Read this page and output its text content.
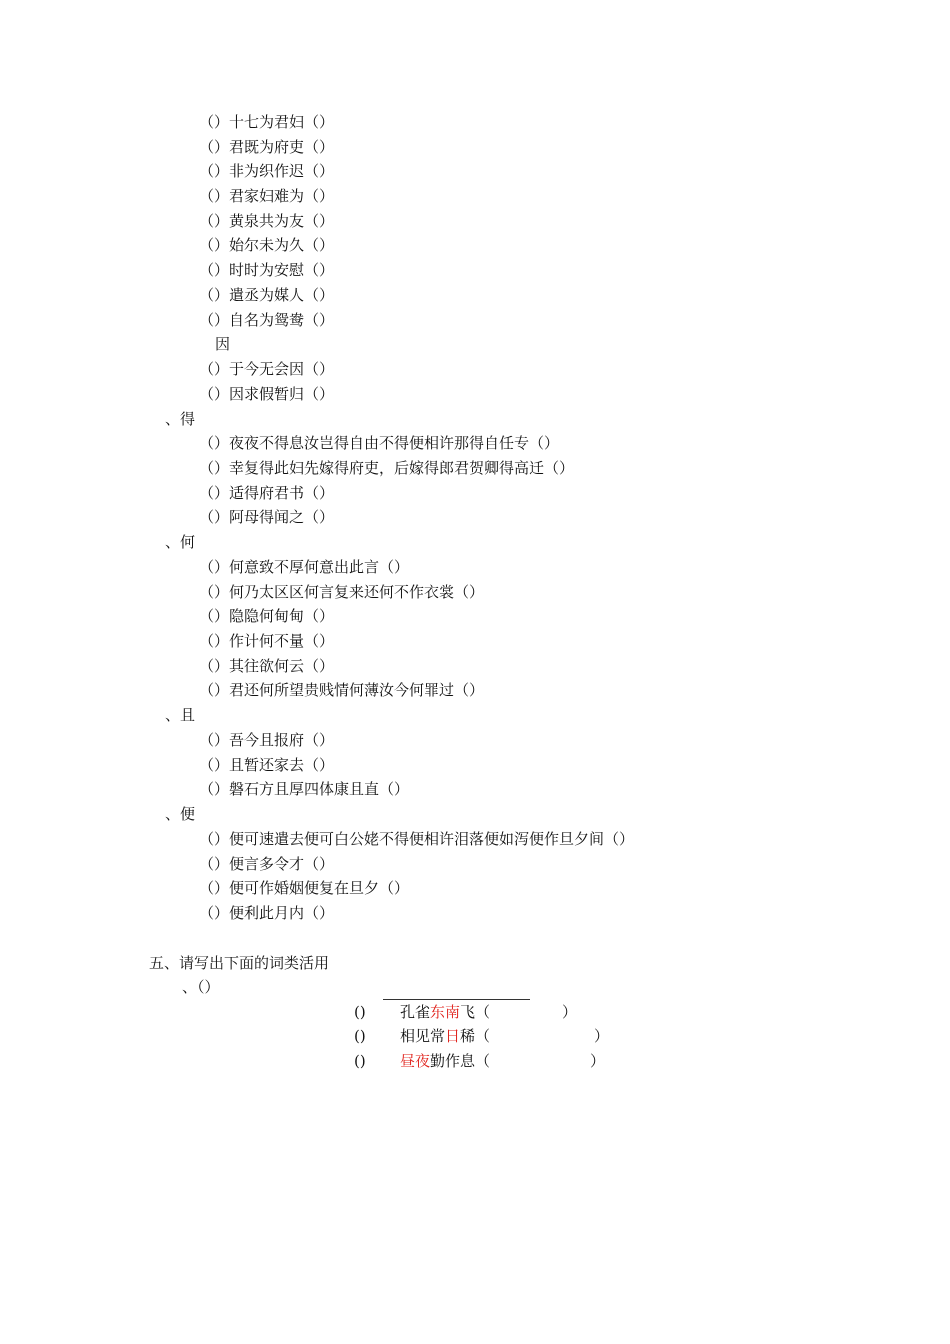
（）十七为君妇（）
（）君既为府吏（）
（）非为织作迟（）
（）君家妇难为（）
（）黄泉共为友（）
（）始尔未为久（）
（）时时为安慰（）
（）遣丞为媒人（）
（）自名为鸳鸯（）
因
（）于今无会因（）
（）因求假暂归（）
、得
（）夜夜不得息汝岂得自由不得便相许那得自任专（）
（）幸复得此妇先嫁得府吏，后嫁得郎君贺卿得高迁（）
（）适得府君书（）
（）阿母得闻之（）
、何
（）何意致不厚何意出此言（）
（）何乃太区区何言复来还何不作衣裳（）
（）隐隐何甸甸（）
（）作计何不量（）
（）其往欲何云（）
（）君还何所望贵贱情何薄汝今何罪过（）
、且
（）吾今且报府（）
（）且暂还家去（）
（）磐石方且厚四体康且直（）
、便
（）便可速遣去便可白公姥不得便相许泪落便如泻便作旦夕间（）
（）便言多令才（）
（）便可作婚姻便复在旦夕（）
（）便利此月内（）
五、请写出下面的词类活用
、（）
() 孔雀东南飞（	）
() 相见常日稀（	）
() 昼夜勤作息（	）
